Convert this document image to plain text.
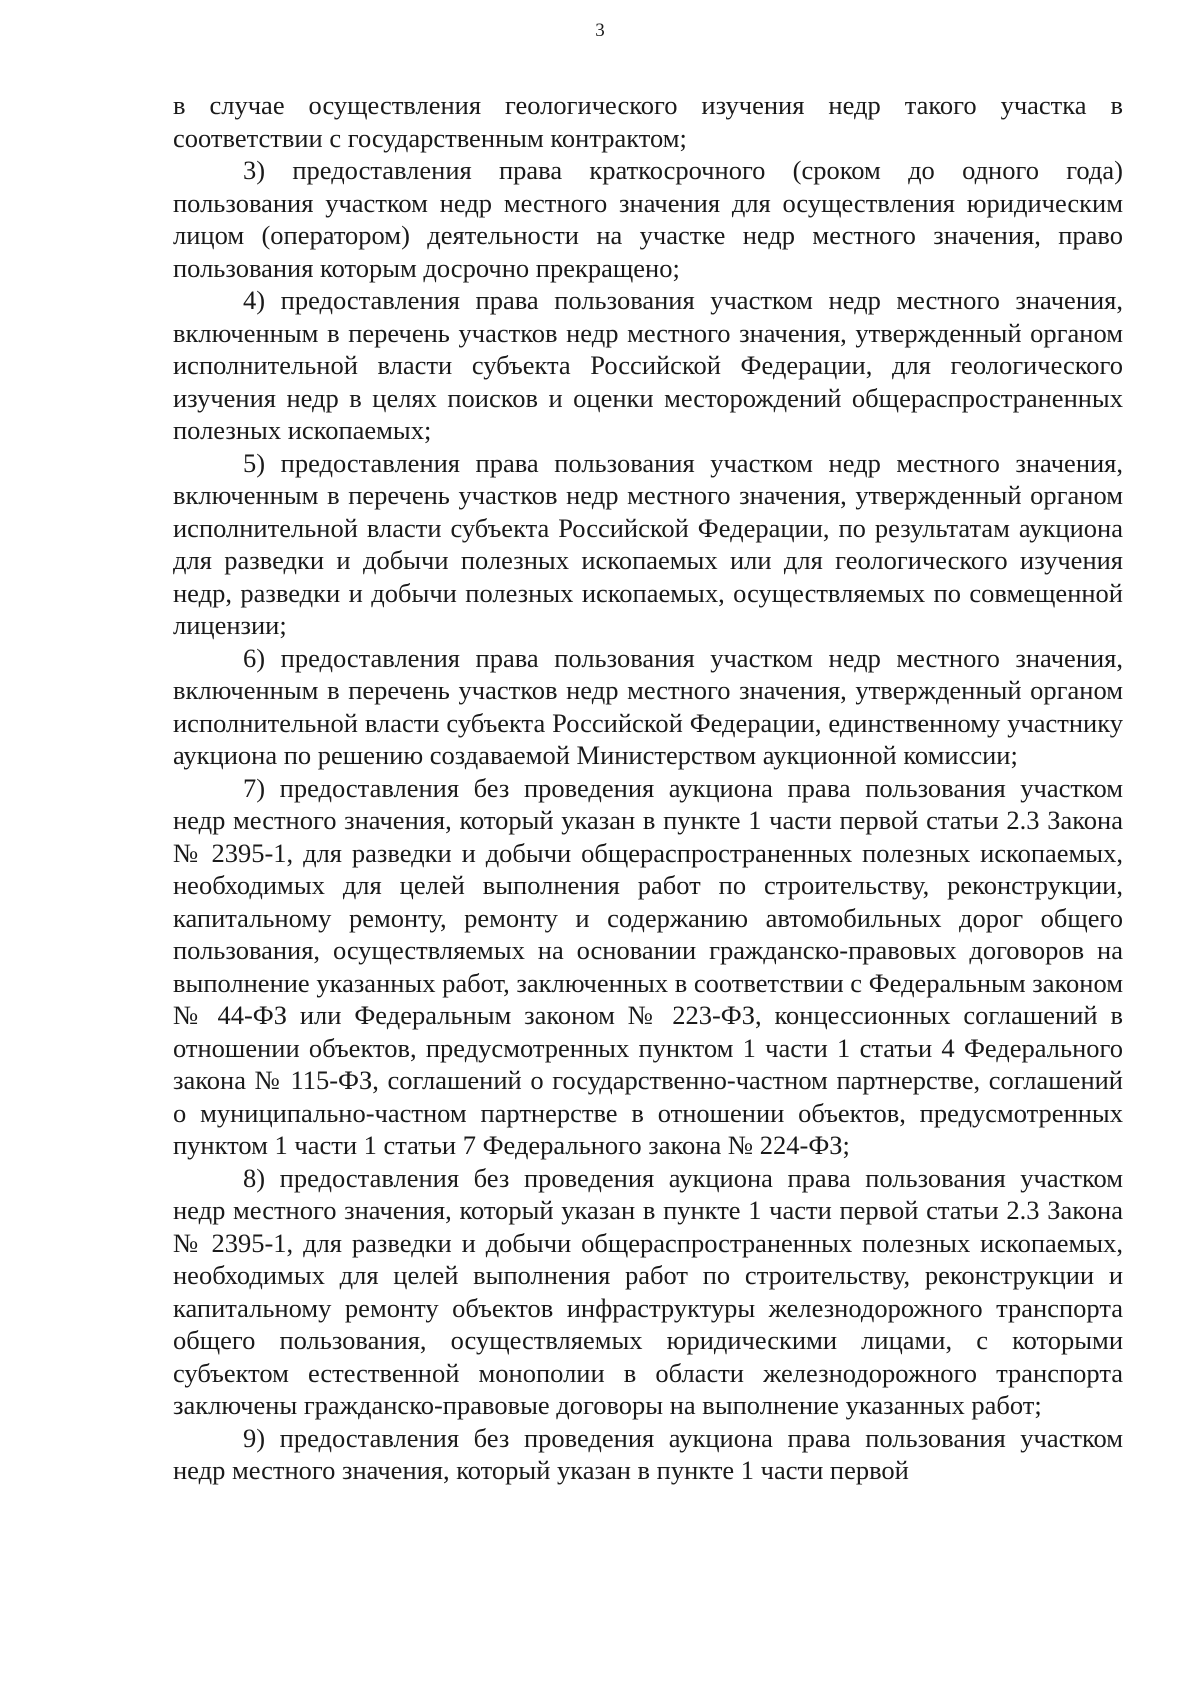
3

в случае осуществления геологического изучения недр такого участка в соответствии с государственным контрактом;

3) предоставления права краткосрочного (сроком до одного года) пользования участком недр местного значения для осуществления юридическим лицом (оператором) деятельности на участке недр местного значения, право пользования которым досрочно прекращено;

4) предоставления права пользования участком недр местного значения, включенным в перечень участков недр местного значения, утвержденный органом исполнительной власти субъекта Российской Федерации, для геологического изучения недр в целях поисков и оценки месторождений общераспространенных полезных ископаемых;

5) предоставления права пользования участком недр местного значения, включенным в перечень участков недр местного значения, утвержденный органом исполнительной власти субъекта Российской Федерации, по результатам аукциона для разведки и добычи полезных ископаемых или для геологического изучения недр, разведки и добычи полезных ископаемых, осуществляемых по совмещенной лицензии;

6) предоставления права пользования участком недр местного значения, включенным в перечень участков недр местного значения, утвержденный органом исполнительной власти субъекта Российской Федерации, единственному участнику аукциона по решению создаваемой Министерством аукционной комиссии;

7) предоставления без проведения аукциона права пользования участком недр местного значения, который указан в пункте 1 части первой статьи 2.3 Закона № 2395-1, для разведки и добычи общераспространенных полезных ископаемых, необходимых для целей выполнения работ по строительству, реконструкции, капитальному ремонту, ремонту и содержанию автомобильных дорог общего пользования, осуществляемых на основании гражданско-правовых договоров на выполнение указанных работ, заключенных в соответствии с Федеральным законом № 44-ФЗ или Федеральным законом № 223-ФЗ, концессионных соглашений в отношении объектов, предусмотренных пунктом 1 части 1 статьи 4 Федерального закона № 115-ФЗ, соглашений о государственно-частном партнерстве, соглашений о муниципально-частном партнерстве в отношении объектов, предусмотренных пунктом 1 части 1 статьи 7 Федерального закона № 224-ФЗ;

8) предоставления без проведения аукциона права пользования участком недр местного значения, который указан в пункте 1 части первой статьи 2.3 Закона № 2395-1, для разведки и добычи общераспространенных полезных ископаемых, необходимых для целей выполнения работ по строительству, реконструкции и капитальному ремонту объектов инфраструктуры железнодорожного транспорта общего пользования, осуществляемых юридическими лицами, с которыми субъектом естественной монополии в области железнодорожного транспорта заключены гражданско-правовые договоры на выполнение указанных работ;

9) предоставления без проведения аукциона права пользования участком недр местного значения, который указан в пункте 1 части первой
